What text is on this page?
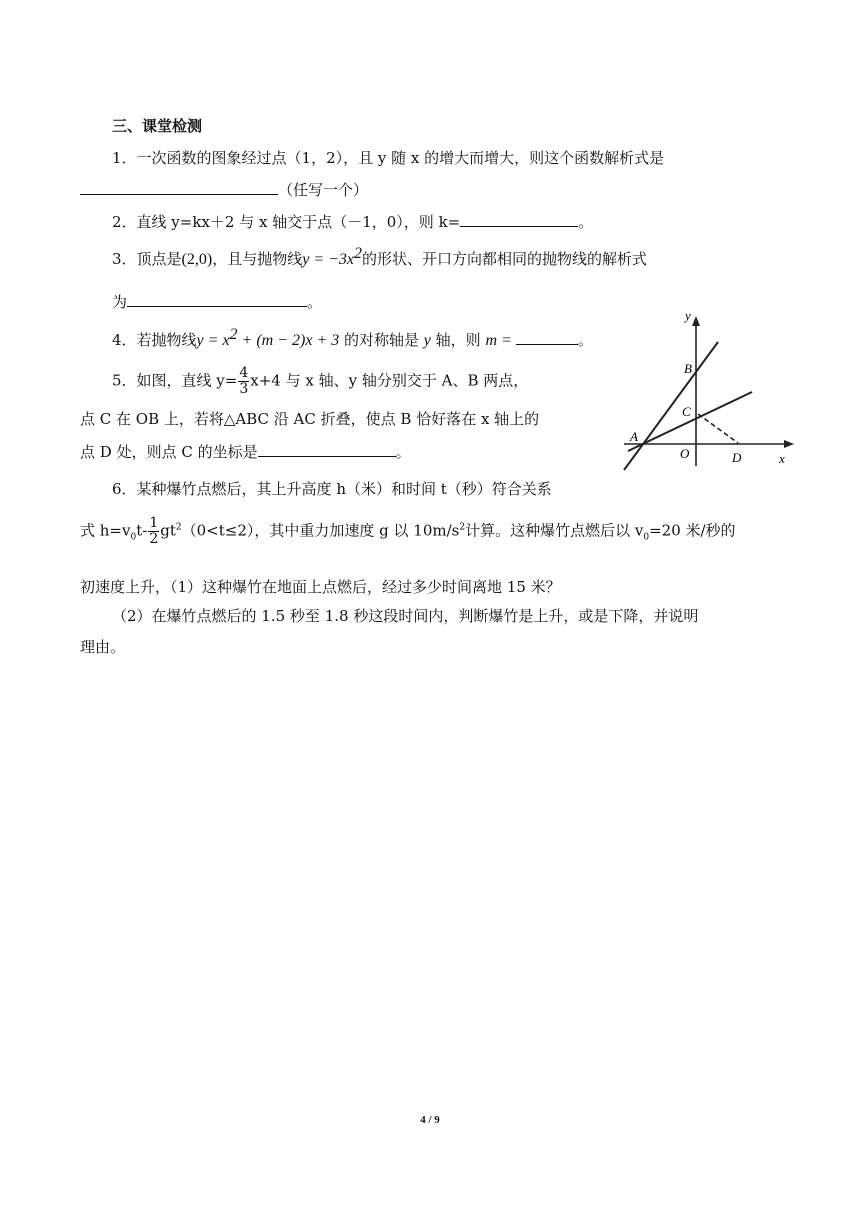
三、课堂检测
1．一次函数的图象经过点（1，2），且 y 随 x 的增大而增大，则这个函数解析式是
（任写一个）
2．直线 y=kx＋2 与 x 轴交于点（－1，0），则 k=	。
3．顶点是(2,0)，且与抛物线$y = -3x^2$的形状、开口方向都相同的抛物线的解析式
为	。
4．若抛物线$y = x^2 + (m - 2)x + 3$ 的对称轴是 y 轴，则 m =	。
5．如图，直线 $y= \frac{4}{3} x+4$ 与 x 轴、y 轴分别交于 A、B 两点，
点 C 在 OB 上，若将△ABC 沿 AC 折叠，使点 B 恰好落在 x 轴上的
点 D 处，则点 C 的坐标是	。
6．某种爆竹点燃后，其上升高度 h（米）和时间 t（秒）符合关系
式 $h=v_0t- \frac{1}{2} gt^2(0<t\le 2)$，其中重力加速度 g 以 $10m/s^2$计算。这种爆竹点燃后以 $v_0=20$ 米/秒的
初速度上升，（1）这种爆竹在地面上点燃后，经过多少时间离地 15 米？
（2）在爆竹点燃后的 1.5 秒至 1.8 秒这段时间内，判断爆竹是上升，或是下降，并说明
理由。
y
x
B
C
A
O	D
4 / 9
